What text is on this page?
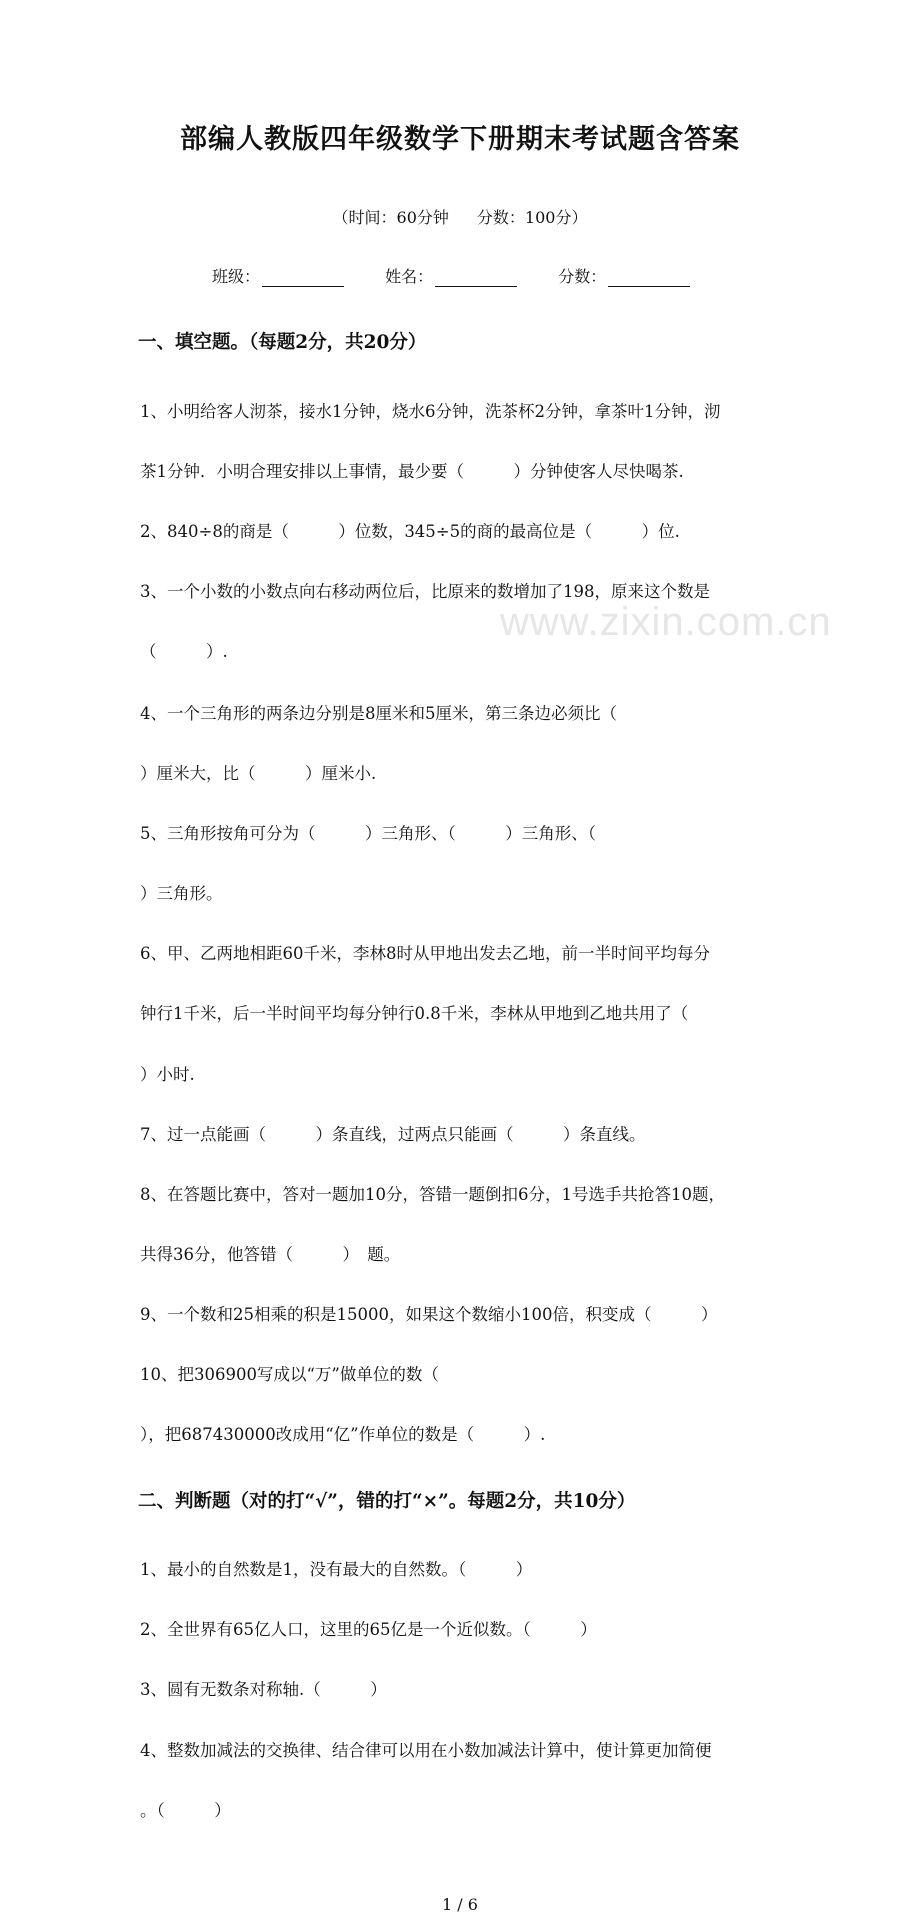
www.zixin.com.cn
部编人教版四年级数学下册期末考试题含答案
（时间：60分钟 分数：100分）
班级：	姓名：	分数：
一、填空题。（每题2分，共20分）
1、小明给客人沏茶，接水1分钟，烧水6分钟，洗茶杯2分钟，拿茶叶1分钟，沏
茶1分钟．小明合理安排以上事情，最少要（　　　）分钟使客人尽快喝茶.
2、840÷8的商是（　　　）位数，345÷5的商的最高位是（　　　）位.
3、一个小数的小数点向右移动两位后，比原来的数增加了198，原来这个数是
（　　　）.
4、一个三角形的两条边分别是8厘米和5厘米，第三条边必须比（
）厘米大，比（　　　）厘米小.
5、三角形按角可分为（　　　）三角形、（　　　）三角形、（
）三角形。
6、甲、乙两地相距60千米，李林8时从甲地出发去乙地，前一半时间平均每分
钟行1千米，后一半时间平均每分钟行0.8千米，李林从甲地到乙地共用了（
）小时.
7、过一点能画（　　　）条直线，过两点只能画（　　　）条直线。
8、在答题比赛中，答对一题加10分，答错一题倒扣6分，1号选手共抢答10题，
共得36分，他答错（　　　）　题。
9、一个数和25相乘的积是15000，如果这个数缩小100倍，积变成（　　　）
10、把306900写成以“万”做单位的数（
），把687430000改成用“亿”作单位的数是（　　　）.
二、判断题（对的打“√”，错的打“×”。每题2分，共10分）
1、最小的自然数是1，没有最大的自然数。（　　　）
2、全世界有65亿人口，这里的65亿是一个近似数。（　　　）
3、圆有无数条对称轴.（　　　）
4、整数加减法的交换律、结合律可以用在小数加减法计算中，使计算更加简便
。（　　　）
1 / 6
